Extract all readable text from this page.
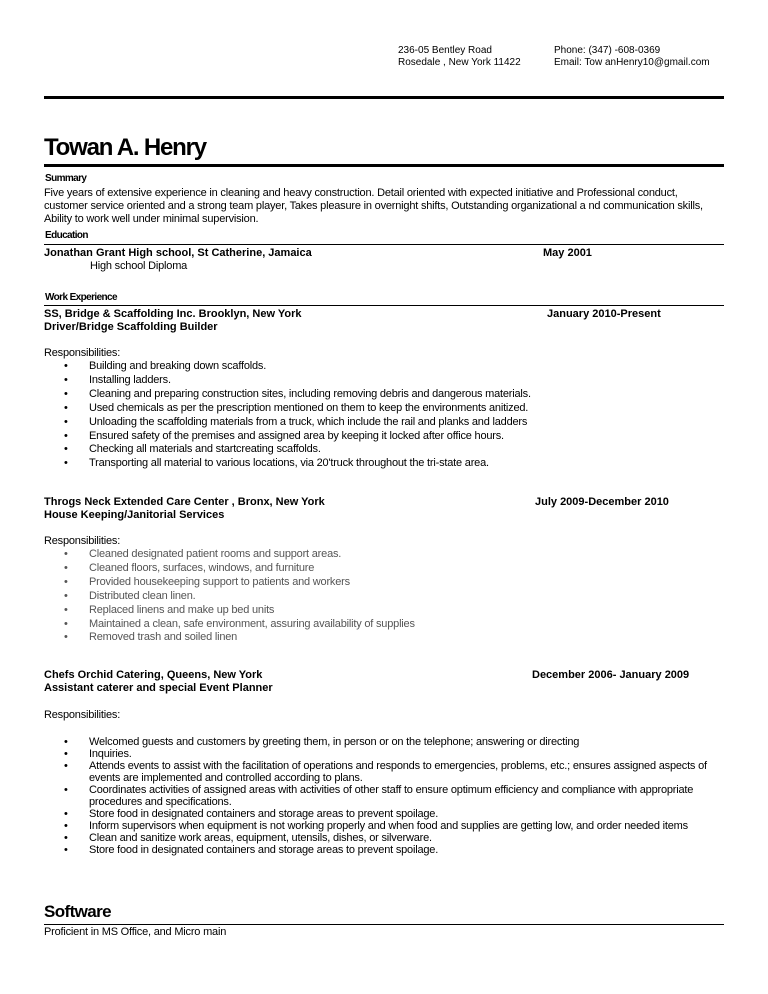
236-05 Bentley Road
Rosedale , New York 11422
Phone: (347) -608-0369
Email: Tow anHenry10@gmail.com
Towan A. Henry
Summary
Five years of extensive experience in cleaning and heavy construction. Detail oriented with expected initiative and Professional conduct, customer service oriented and a strong team player, Takes pleasure in overnight shifts, Outstanding organizational a nd communication skills, Ability to work well under minimal supervision.
Education
Jonathan Grant High school, St Catherine, Jamaica	May 2001
High school Diploma
Work Experience
SS, Bridge & Scaffolding Inc. Brooklyn, New York	January 2010-Present
Driver/Bridge Scaffolding Builder
Responsibilities:
• Building and breaking down scaffolds.
• Installing ladders.
• Cleaning and preparing construction sites, including removing debris and dangerous materials.
• Used chemicals as per the prescription mentioned on them to keep the environments anitized.
• Unloading the scaffolding materials from a truck, which include the rail and planks and ladders
• Ensured safety of the premises and assigned area by keeping it locked after office hours.
• Checking all materials and startcreating scaffolds.
• Transporting all material to various locations, via 20'truck throughout the tri-state area.
Throgs Neck Extended Care Center , Bronx, New York	July 2009-December 2010
House Keeping/Janitorial Services
Responsibilities:
• Cleaned designated patient rooms and support areas.
• Cleaned floors, surfaces, windows, and furniture
• Provided housekeeping support to patients and workers
• Distributed clean linen.
• Replaced linens and make up bed units
• Maintained a clean, safe environment, assuring availability of supplies
• Removed trash and soiled linen
Chefs Orchid Catering, Queens, New York	December 2006- January 2009
Assistant caterer and special Event Planner
Responsibilities:
• Welcomed guests and customers by greeting them, in person or on the telephone; answering or directing
• Inquiries.
• Attends events to assist with the facilitation of operations and responds to emergencies, problems, etc.; ensures assigned aspects of events are implemented and controlled according to plans.
• Coordinates activities of assigned areas with activities of other staff to ensure optimum efficiency and compliance with appropriate procedures and specifications.
• Store food in designated containers and storage areas to prevent spoilage.
• Inform supervisors when equipment is not working properly and when food and supplies are getting low, and order needed items
• Clean and sanitize work areas, equipment, utensils, dishes, or silverware.
• Store food in designated containers and storage areas to prevent spoilage.
Software
Proficient in MS Office, and Micro main
